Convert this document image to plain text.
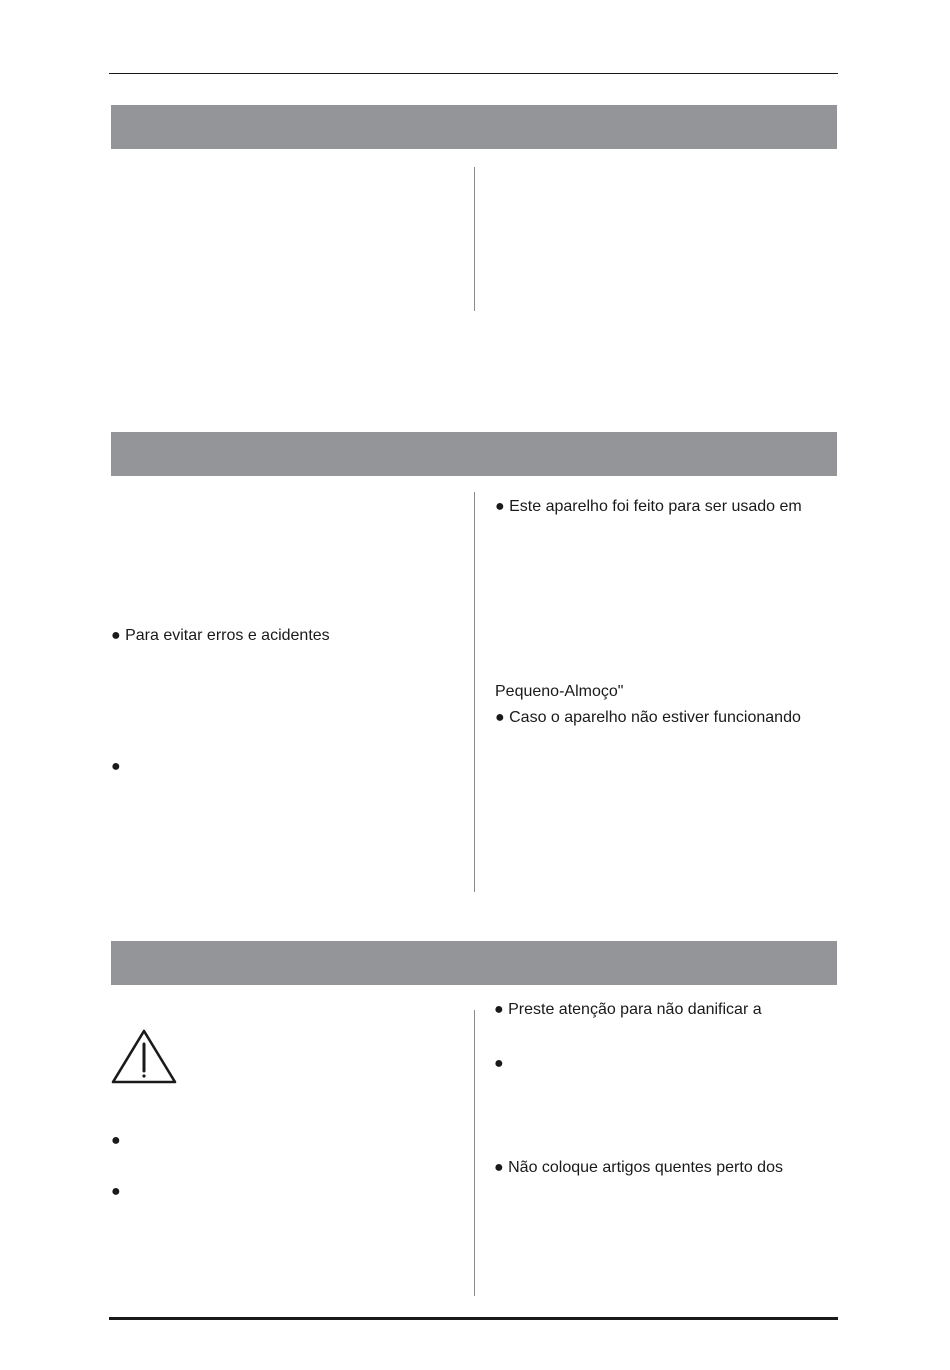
● Para evitar erros e acidentes
●
● Este aparelho foi feito para ser usado em
Pequeno-Almoço"
● Caso o aparelho não estiver funcionando
●
●
● Preste atenção para não danificar a
●
● Não coloque artigos quentes perto dos
